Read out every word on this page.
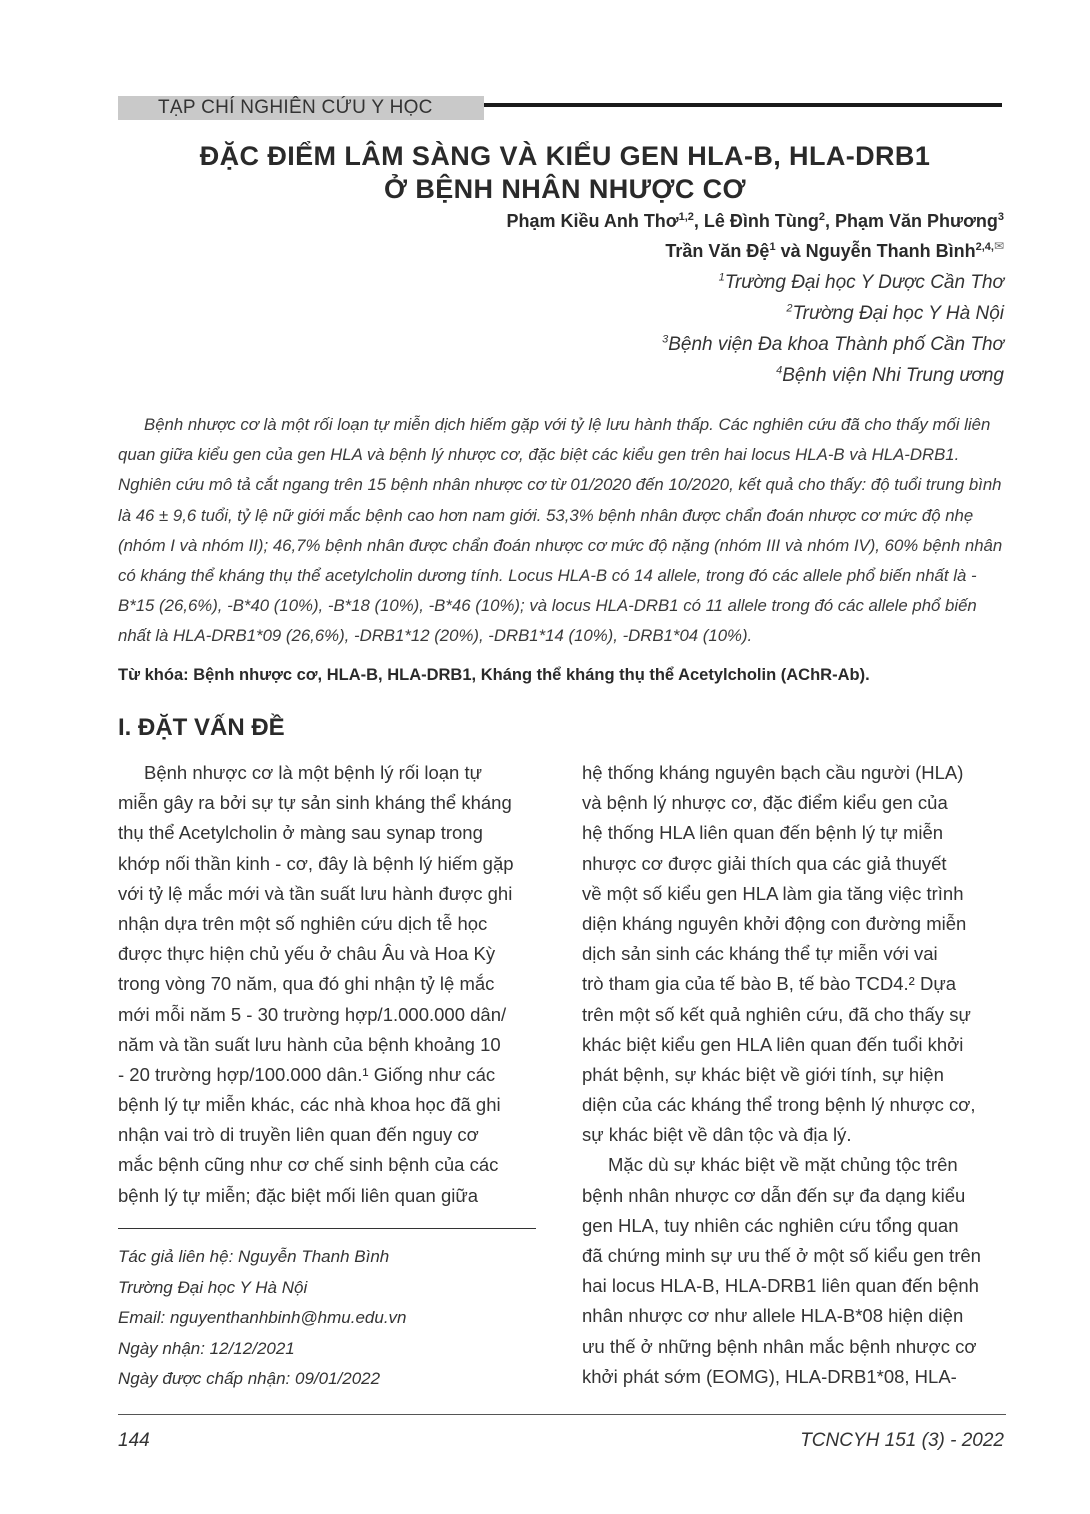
TẠP CHÍ NGHIÊN CỨU Y HỌC
ĐẶC ĐIỂM LÂM SÀNG VÀ KIỂU GEN HLA-B, HLA-DRB1
Ở BỆNH NHÂN NHƯỢC CƠ
Phạm Kiều Anh Thơ$^{1,2}$, Lê Đình Tùng$^2$, Phạm Văn Phương$^3$
Trần Văn Đệ$^1$ và Nguyễn Thanh Bình$^{2,4,✉}$
$^1$Trường Đại học Y Dược Cần Thơ
$^2$Trường Đại học Y Hà Nội
$^3$Bệnh viện Đa khoa Thành phố Cần Thơ
$^4$Bệnh viện Nhi Trung ương
Bệnh nhược cơ là một rối loạn tự miễn dịch hiếm gặp với tỷ lệ lưu hành thấp. Các nghiên cứu đã cho thấy mối liên quan giữa kiểu gen của gen HLA và bệnh lý nhược cơ, đặc biệt các kiểu gen trên hai locus HLA-B và HLA-DRB1. Nghiên cứu mô tả cắt ngang trên 15 bệnh nhân nhược cơ từ 01/2020 đến 10/2020, kết quả cho thấy: độ tuổi trung bình là 46 ± 9,6 tuổi, tỷ lệ nữ giới mắc bệnh cao hơn nam giới. 53,3% bệnh nhân được chẩn đoán nhược cơ mức độ nhẹ (nhóm I và nhóm II); 46,7% bệnh nhân được chẩn đoán nhược cơ mức độ nặng (nhóm III và nhóm IV), 60% bệnh nhân có kháng thể kháng thụ thể acetylcholin dương tính. Locus HLA-B có 14 allele, trong đó các allele phổ biến nhất là -B*15 (26,6%), -B*40 (10%), -B*18 (10%), -B*46 (10%); và locus HLA-DRB1 có 11 allele trong đó các allele phổ biến nhất là HLA-DRB1*09 (26,6%), -DRB1*12 (20%), -DRB1*14 (10%), -DRB1*04 (10%).
Từ khóa: Bệnh nhược cơ, HLA-B, HLA-DRB1, Kháng thể kháng thụ thể Acetylcholin (AChR-Ab).
I. ĐẶT VẤN ĐỀ
Bệnh nhược cơ là một bệnh lý rối loạn tự
miễn gây ra bởi sự tự sản sinh kháng thể kháng
thụ thể Acetylcholin ở màng sau synap trong
khớp nối thần kinh - cơ, đây là bệnh lý hiếm gặp
với tỷ lệ mắc mới và tần suất lưu hành được ghi
nhận dựa trên một số nghiên cứu dịch tễ học
được thực hiện chủ yếu ở châu Âu và Hoa Kỳ
trong vòng 70 năm, qua đó ghi nhận tỷ lệ mắc
mới mỗi năm 5 - 30 trường hợp/1.000.000 dân/
năm và tần suất lưu hành của bệnh khoảng 10
- 20 trường hợp/100.000 dân.¹ Giống như các
bệnh lý tự miễn khác, các nhà khoa học đã ghi
nhận vai trò di truyền liên quan đến nguy cơ
mắc bệnh cũng như cơ chế sinh bệnh của các
bệnh lý tự miễn; đặc biệt mối liên quan giữa
hệ thống kháng nguyên bạch cầu người (HLA)
và bệnh lý nhược cơ, đặc điểm kiểu gen của
hệ thống HLA liên quan đến bệnh lý tự miễn
nhược cơ được giải thích qua các giả thuyết
về một số kiểu gen HLA làm gia tăng việc trình
diện kháng nguyên khởi động con đường miễn
dịch sản sinh các kháng thể tự miễn với vai
trò tham gia của tế bào B, tế bào TCD4.² Dựa
trên một số kết quả nghiên cứu, đã cho thấy sự
khác biệt kiểu gen HLA liên quan đến tuổi khởi
phát bệnh, sự khác biệt về giới tính, sự hiện
diện của các kháng thể trong bệnh lý nhược cơ,
sự khác biệt về dân tộc và địa lý.
Mặc dù sự khác biệt về mặt chủng tộc trên
bệnh nhân nhược cơ dẫn đến sự đa dạng kiểu
gen HLA, tuy nhiên các nghiên cứu tổng quan
đã chứng minh sự ưu thế ở một số kiểu gen trên
hai locus HLA-B, HLA-DRB1 liên quan đến bệnh
nhân nhược cơ như allele HLA-B*08 hiện diện
ưu thế ở những bệnh nhân mắc bệnh nhược cơ
khởi phát sớm (EOMG), HLA-DRB1*08, HLA-
Tác giả liên hệ: Nguyễn Thanh Bình
Trường Đại học Y Hà Nội
Email: nguyenthanhbinh@hmu.edu.vn
Ngày nhận: 12/12/2021
Ngày được chấp nhận: 09/01/2022
144	TCNCYH 151 (3) - 2022
